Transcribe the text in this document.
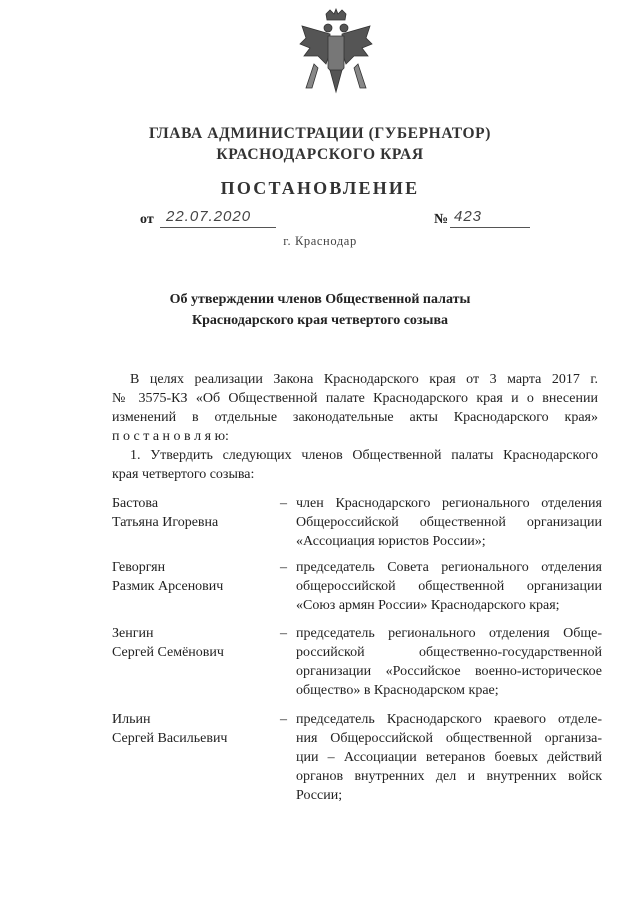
ГЛАВА АДМИНИСТРАЦИИ (ГУБЕРНАТОР)
КРАСНОДАРСКОГО КРАЯ
ПОСТАНОВЛЕНИЕ
от 22.07.2020	№ 423
г. Краснодар
Об утверждении членов Общественной палаты
Краснодарского края четвертого созыва
В целях реализации Закона Краснодарского края от 3 марта 2017 г.
№ 3575-КЗ «Об Общественной палате Краснодарского края и о внесении
изменений в отдельные законодательные акты Краснодарского края»
п о с т а н о в л я ю:
1. Утвердить следующих членов Общественной палаты Краснодарского
края четвертого созыва:
Бастова
Татьяна Игоревна
– член Краснодарского регионального отделения
Общероссийской общественной организации
«Ассоциация юристов России»;
Геворгян
Размик Арсенович
– председатель Совета регионального отделения
общероссийской общественной организации
«Союз армян России» Краснодарского края;
Зенгин
Сергей Семёнович
– председатель регионального отделения Обще-
российской общественно-государственной
организации «Российское военно-историческое
общество» в Краснодарском крае;
Ильин
Сергей Васильевич
– председатель Краснодарского краевого отделе-
ния Общероссийской общественной организа-
ции – Ассоциации ветеранов боевых действий
органов внутренних дел и внутренних войск
России;
